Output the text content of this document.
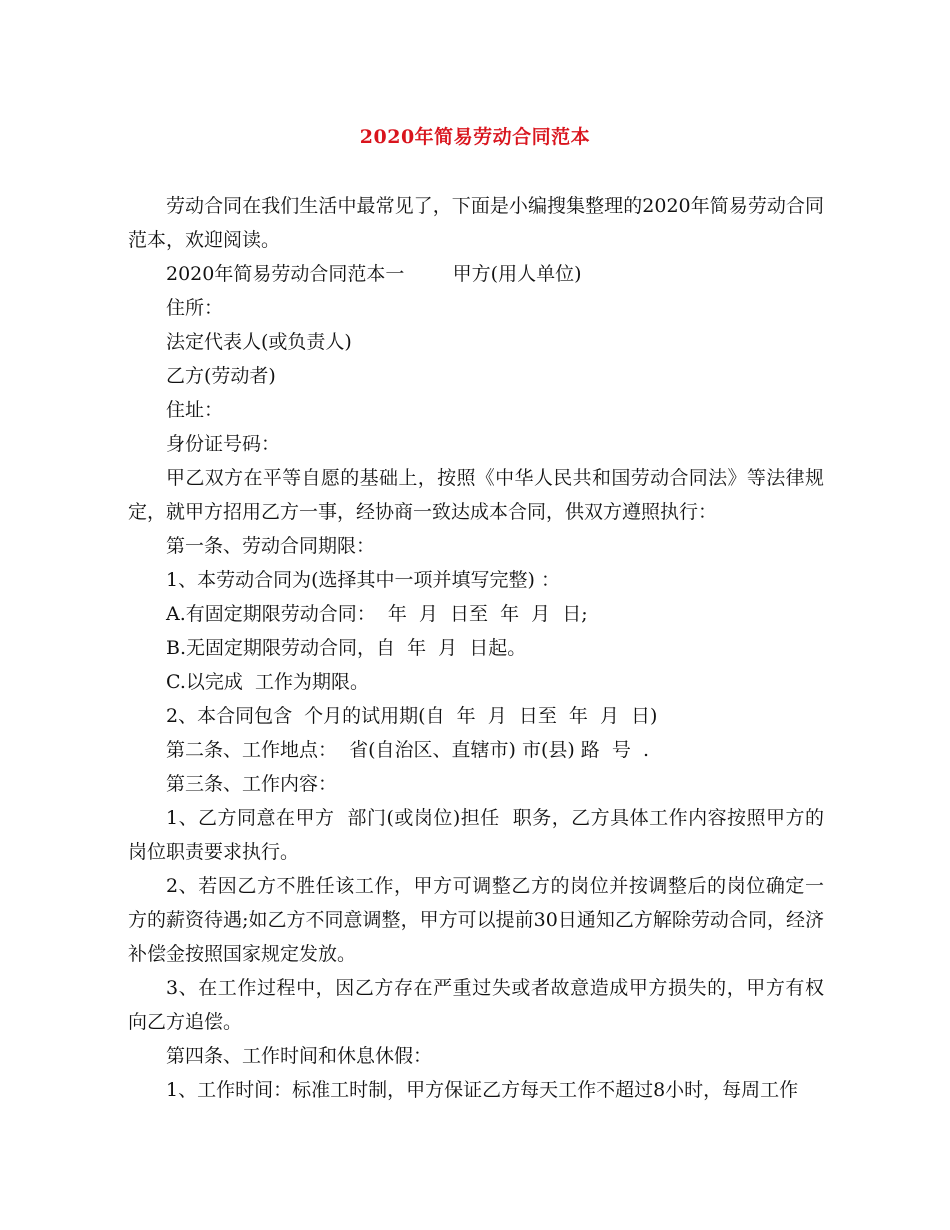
2020年简易劳动合同范本

劳动合同在我们生活中最常见了，下面是小编搜集整理的2020年简易劳动合同范本，欢迎阅读。

2020年简易劳动合同范本一        甲方(用人单位)

住所：

法定代表人(或负责人)

乙方(劳动者)

住址：

身份证号码：

甲乙双方在平等自愿的基础上，按照《中华人民共和国劳动合同法》等法律规定，就甲方招用乙方一事，经协商一致达成本合同，供双方遵照执行：

第一条、劳动合同期限：

1、本劳动合同为(选择其中一项并填写完整) ：

A.有固定期限劳动合同：  年  月  日至  年  月  日;

B.无固定期限劳动合同，自  年  月  日起。

C.以完成  工作为期限。

2、本合同包含  个月的试用期(自  年  月  日至  年  月  日)

第二条、工作地点：  省(自治区、直辖市) 市(县) 路  号  .

第三条、工作内容：

1、乙方同意在甲方  部门(或岗位)担任  职务，乙方具体工作内容按照甲方的岗位职责要求执行。

2、若因乙方不胜任该工作，甲方可调整乙方的岗位并按调整后的岗位确定一方的薪资待遇;如乙方不同意调整，甲方可以提前30日通知乙方解除劳动合同，经济补偿金按照国家规定发放。

3、在工作过程中，因乙方存在严重过失或者故意造成甲方损失的，甲方有权向乙方追偿。

第四条、工作时间和休息休假：

1、工作时间：标准工时制，甲方保证乙方每天工作不超过8小时，每周工作
